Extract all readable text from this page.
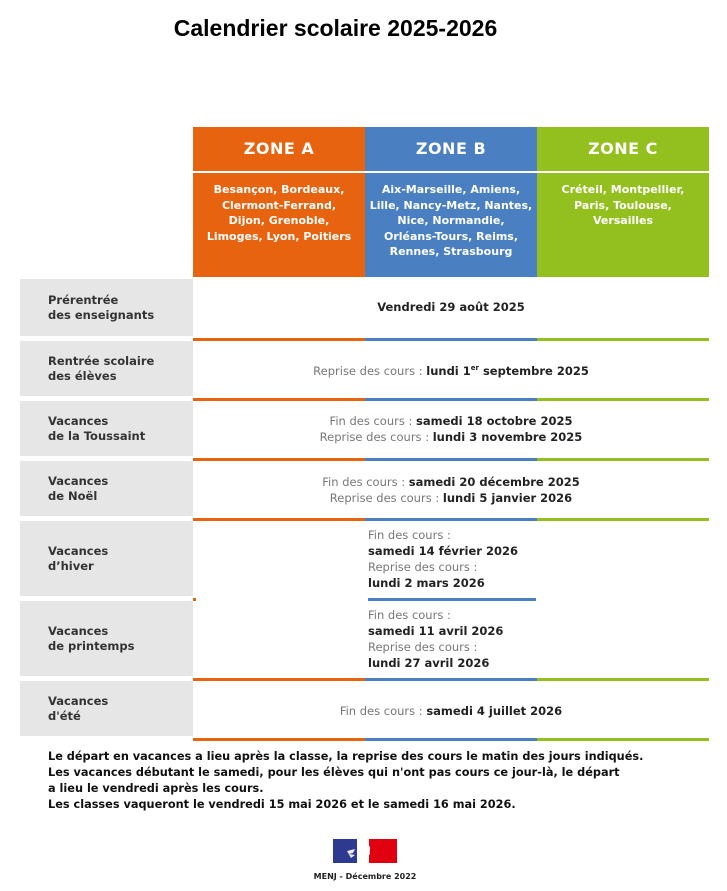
Calendrier scolaire 2025-2026
ZONE A
Besançon, Bordeaux,
Clermont-Ferrand,
Dijon, Grenoble,
Limoges, Lyon, Poitiers
ZONE B
Aix-Marseille, Amiens,
Lille, Nancy-Metz, Nantes,
Nice, Normandie,
Orléans-Tours, Reims,
Rennes, Strasbourg
ZONE C
Créteil, Montpellier,
Paris, Toulouse,
Versailles
Prérentrée
des enseignants
Vendredi 29 août 2025
Rentrée scolaire
des élèves	Reprise des cours : lundi 1er septembre 2025
Vacances
de la Toussaint
Fin des cours : samedi 18 octobre 2025
Reprise des cours : lundi 3 novembre 2025
Vacances
de Noël
Fin des cours : samedi 20 décembre 2025
Reprise des cours : lundi 5 janvier 2026
Vacances
d’hiver
Fin des cours :
samedi 14 février 2026
Reprise des cours :
lundi 2 mars 2026
Vacances
de printemps
Fin des cours :
samedi 11 avril 2026
Reprise des cours :
lundi 27 avril 2026
Vacances
d'été	Fin des cours : samedi 4 juillet 2026
Le départ en vacances a lieu après la classe, la reprise des cours le matin des jours indiqués.
Les vacances débutant le samedi, pour les élèves qui n'ont pas cours ce jour-là, le départ
a lieu le vendredi après les cours.
Les classes vaqueront le vendredi 15 mai 2026 et le samedi 16 mai 2026.
MENJ - Décembre 2022
